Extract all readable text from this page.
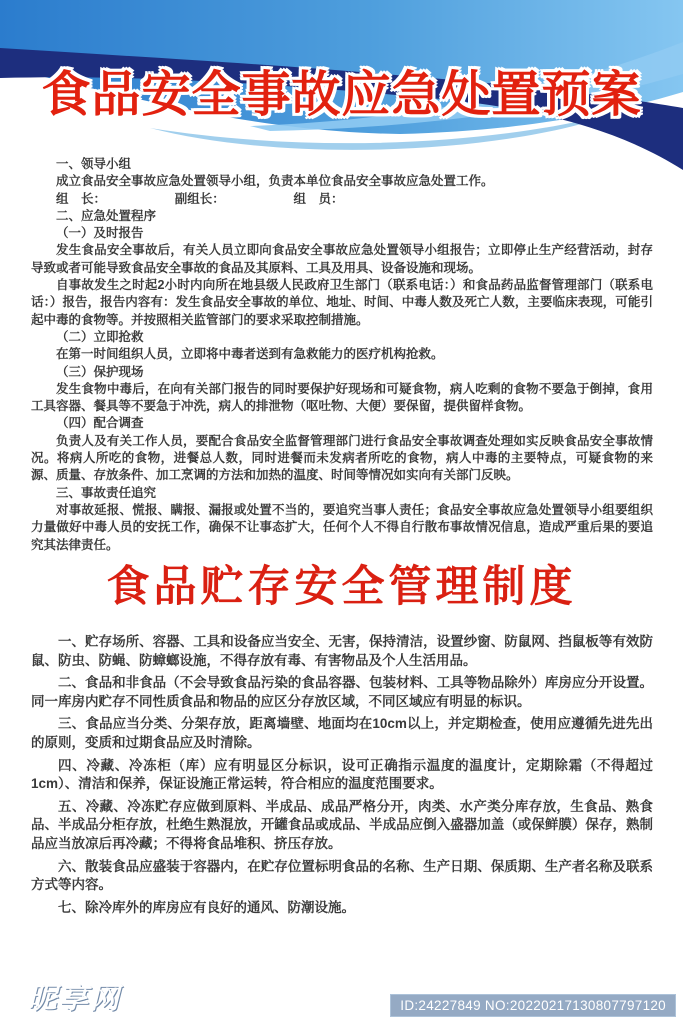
食品安全事故应急处置预案

一、领导小组

成立食品安全事故应急处置领导小组，负责本单位食品安全事故应急处置工作。

组　长：　　　　　　副组长：　　　　　　组　员：

二、应急处置程序

（一）及时报告

发生食品安全事故后，有关人员立即向食品安全事故应急处置领导小组报告；立即停止生产经营活动，封存导致或者可能导致食品安全事故的食品及其原料、工具及用具、设备设施和现场。

自事故发生之时起2小时内向所在地县级人民政府卫生部门（联系电话：）和食品药品监督管理部门（联系电话：）报告，报告内容有：发生食品安全事故的单位、地址、时间、中毒人数及死亡人数，主要临床表现，可能引起中毒的食物等。并按照相关监管部门的要求采取控制措施。

（二）立即抢救

在第一时间组织人员，立即将中毒者送到有急救能力的医疗机构抢救。

（三）保护现场

发生食物中毒后，在向有关部门报告的同时要保护好现场和可疑食物，病人吃剩的食物不要急于倒掉，食用工具容器、餐具等不要急于冲洗，病人的排泄物（呕吐物、大便）要保留，提供留样食物。

（四）配合调查

负责人及有关工作人员，要配合食品安全监督管理部门进行食品安全事故调查处理如实反映食品安全事故情况。将病人所吃的食物，进餐总人数，同时进餐而未发病者所吃的食物，病人中毒的主要特点，可疑食物的来源、质量、存放条件、加工烹调的方法和加热的温度、时间等情况如实向有关部门反映。

三、事故责任追究

对事故延报、慌报、瞒报、漏报或处置不当的，要追究当事人责任；食品安全事故应急处置领导小组要组织力量做好中毒人员的安抚工作，确保不让事态扩大，任何个人不得自行散布事故情况信息，造成严重后果的要追究其法律责任。

食品贮存安全管理制度

一、贮存场所、容器、工具和设备应当安全、无害，保持清洁，设置纱窗、防鼠网、挡鼠板等有效防鼠、防虫、防蝇、防蟑螂设施，不得存放有毒、有害物品及个人生活用品。

二、食品和非食品（不会导致食品污染的食品容器、包装材料、工具等物品除外）库房应分开设置。同一库房内贮存不同性质食品和物品的应区分存放区域，不同区域应有明显的标识。

三、食品应当分类、分架存放，距离墙壁、地面均在10cm以上，并定期检查，使用应遵循先进先出的原则，变质和过期食品应及时清除。

四、冷藏、冷冻柜（库）应有明显区分标识，设可正确指示温度的温度计，定期除霜（不得超过1cm）、清洁和保养，保证设施正常运转，符合相应的温度范围要求。

五、冷藏、冷冻贮存应做到原料、半成品、成品严格分开，肉类、水产类分库存放，生食品、熟食品、半成品分柜存放，杜绝生熟混放，开罐食品或成品、半成品应倒入盛器加盖（或保鲜膜）保存，熟制品应当放凉后再冷藏；不得将食品堆积、挤压存放。

六、散装食品应盛装于容器内，在贮存位置标明食品的名称、生产日期、保质期、生产者名称及联系方式等内容。

七、除冷库外的库房应有良好的通风、防潮设施。

昵享网 www.nipic.cn	ID:24227849 NO:20220217130807797120
